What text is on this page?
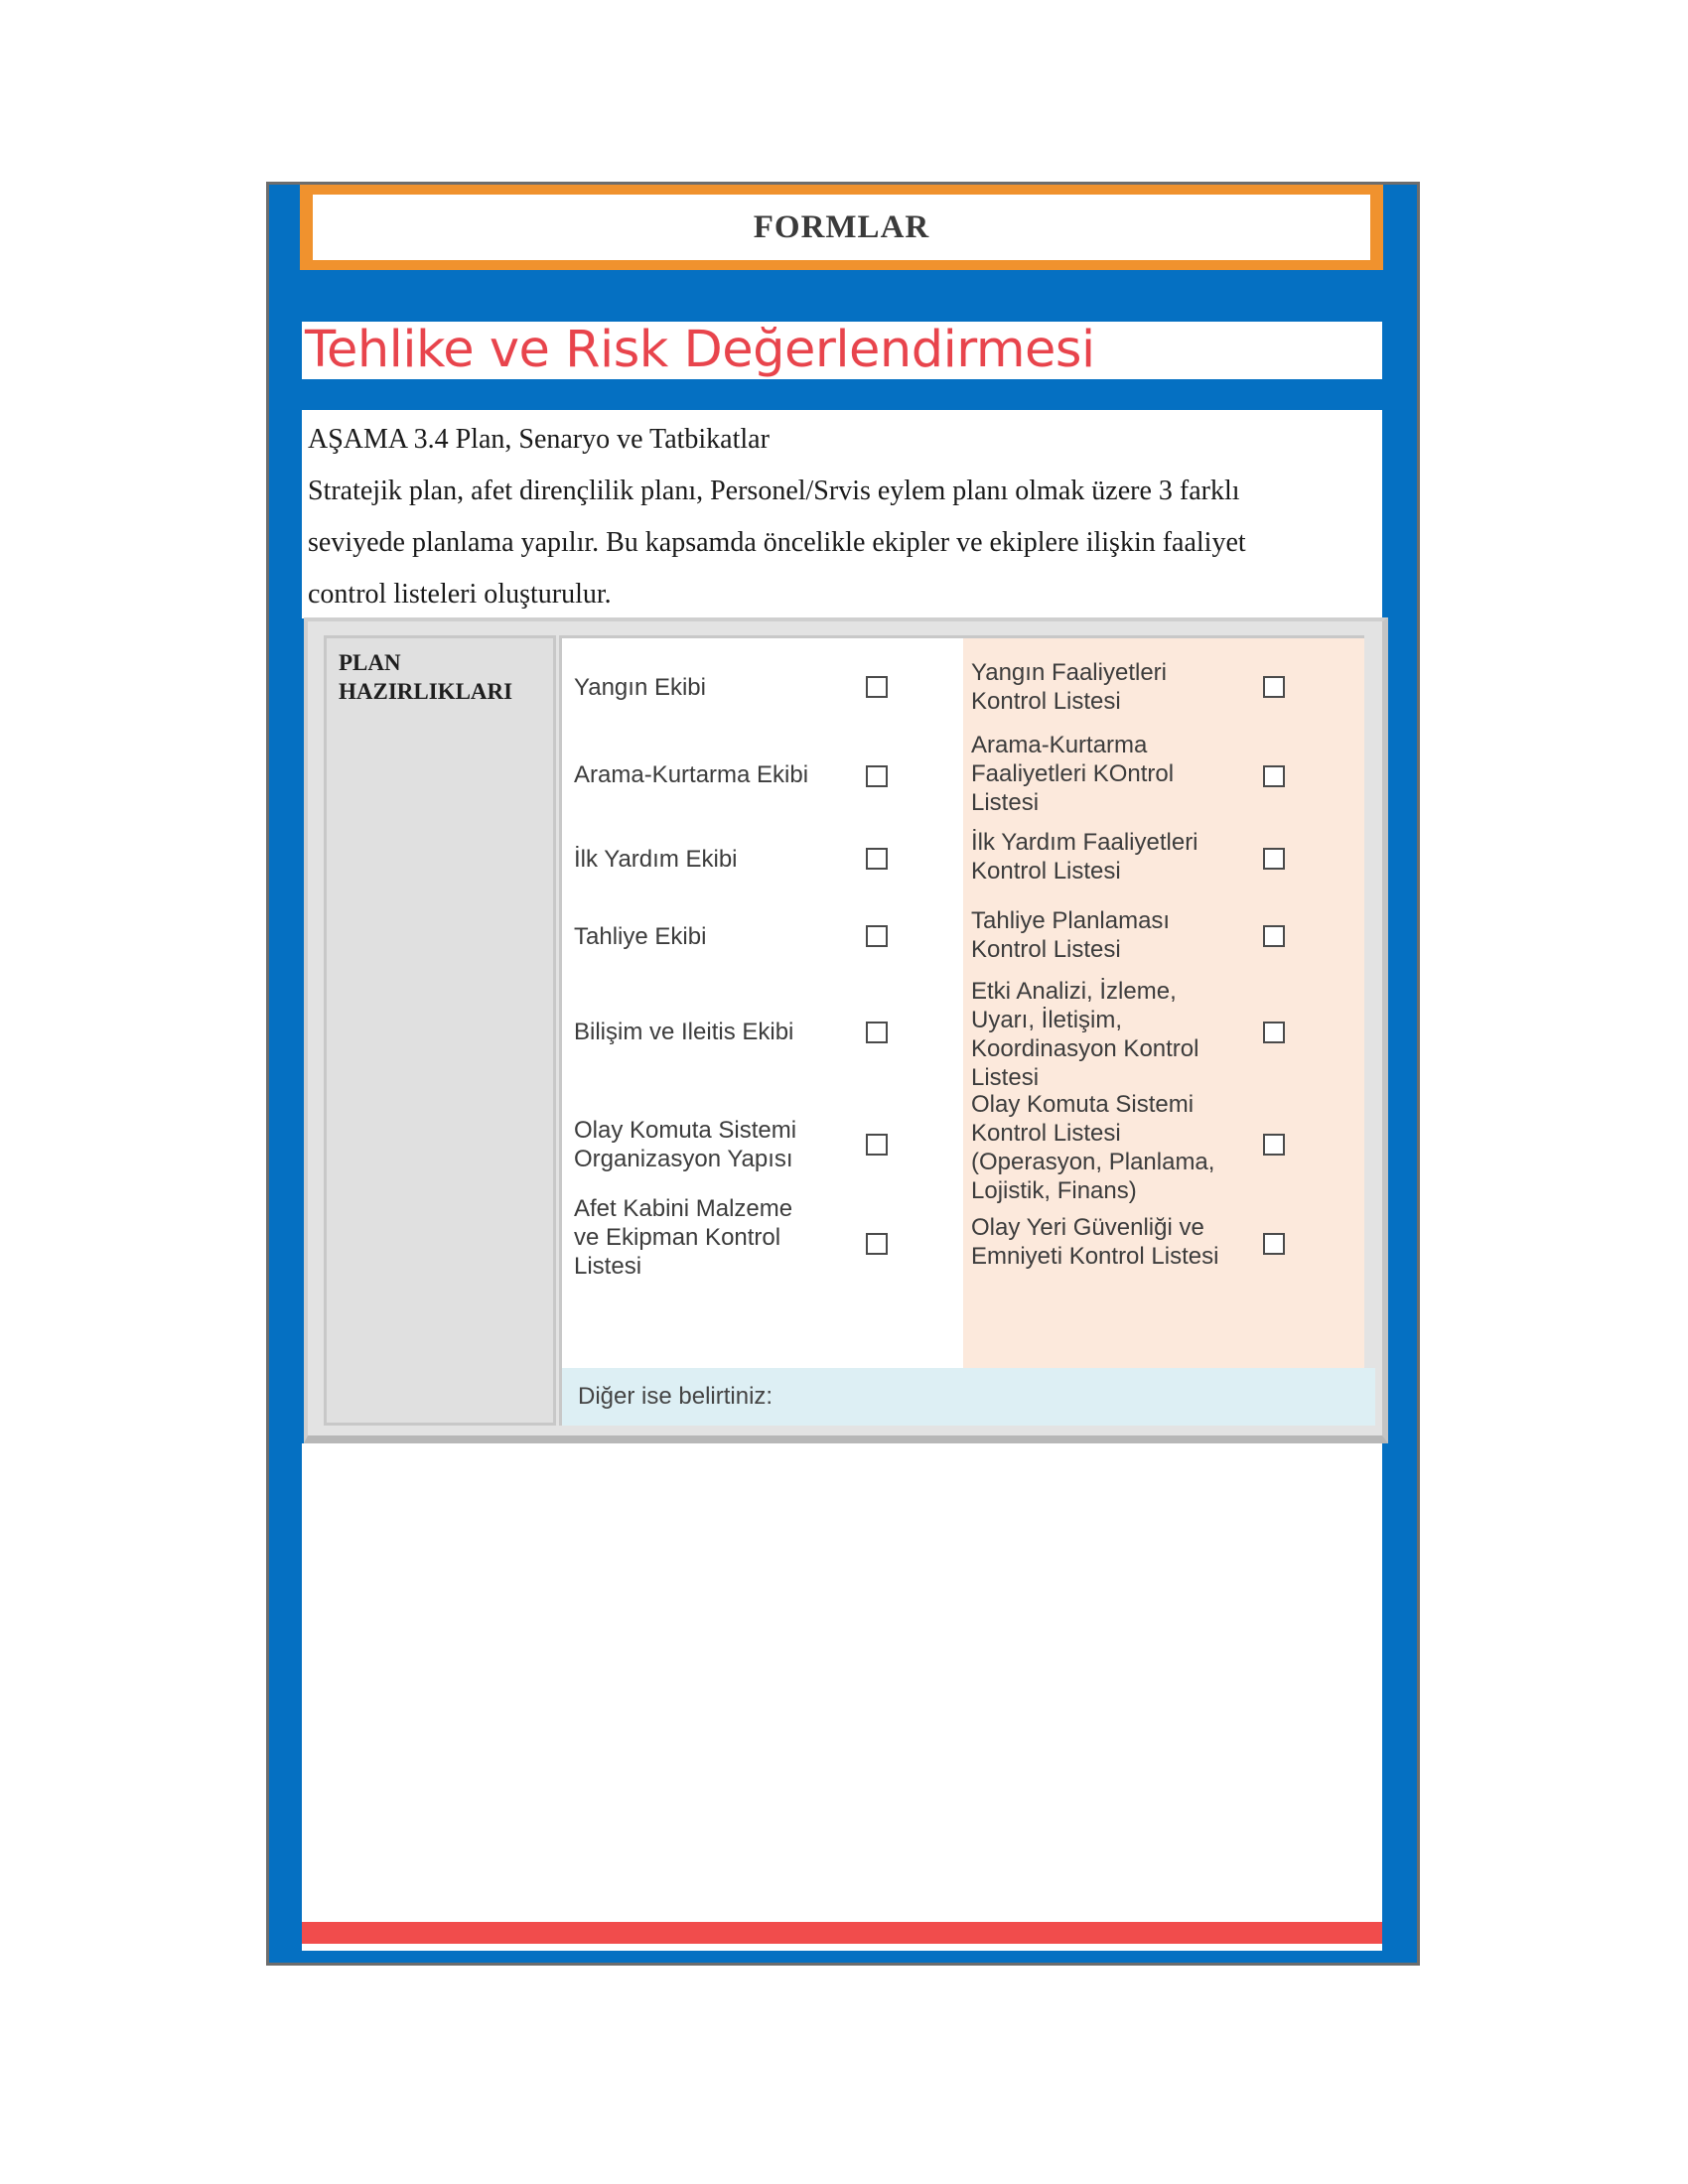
FORMLAR
Tehlike ve Risk Değerlendirmesi

AŞAMA 3.4 Plan, Senaryo ve Tatbikatlar

Stratejik plan, afet dirençlilik planı, Personel/Srvis eylem planı olmak üzere 3 farklı

seviyede planlama yapılır. Bu kapsamda öncelikle ekipler ve ekiplere ilişkin faaliyet

control listeleri oluşturulur.

PLAN HAZIRLIKLARI	Yangın Ekibi
Arama-Kurtarma Ekibi
İlk Yardım Ekibi
Tahliye Ekibi
Bilişim ve Ileitis Ekibi
Olay Komuta Sistemi Organizasyon Yapısı
Afet Kabini Malzeme ve Ekipman Kontrol Listesi
Yangın Faaliyetleri Kontrol Listesi
Arama-Kurtarma Faaliyetleri KOntrol Listesi
İlk Yardım Faaliyetleri Kontrol Listesi
Tahliye Planlaması Kontrol Listesi
Etki Analizi, İzleme, Uyarı, İletişim, Koordinasyon Kontrol Listesi
Olay Komuta Sistemi Kontrol Listesi (Operasyon, Planlama, Lojistik, Finans)
Olay Yeri Güvenliği ve Emniyeti Kontrol Listesi
Diğer ise belirtiniz:
